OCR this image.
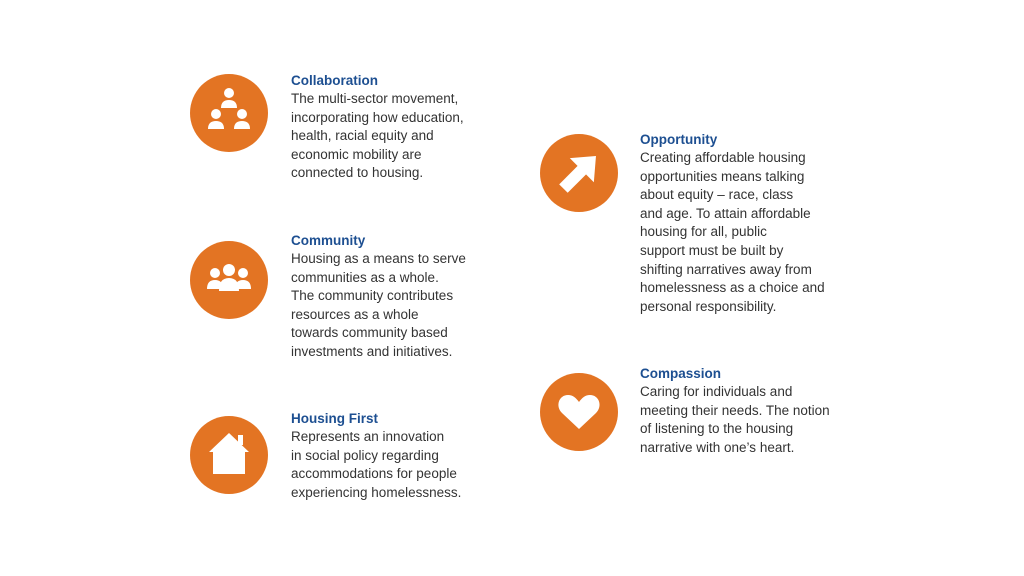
Collaboration

The multi-sector movement,
incorporating how education,
health, racial equity and
economic mobility are
connected to housing.

Community

Housing as a means to serve
communities as a whole.
The community contributes
resources as a whole
towards community based
investments and initiatives.

Housing First

Represents an innovation
in social policy regarding
accommodations for people
experiencing homelessness.

Opportunity

Creating affordable housing
opportunities means talking
about equity – race, class
and age. To attain affordable
housing for all, public
support must be built by
shifting narratives away from
homelessness as a choice and
personal responsibility.

Compassion

Caring for individuals and
meeting their needs. The notion
of listening to the housing
narrative with one’s heart.
